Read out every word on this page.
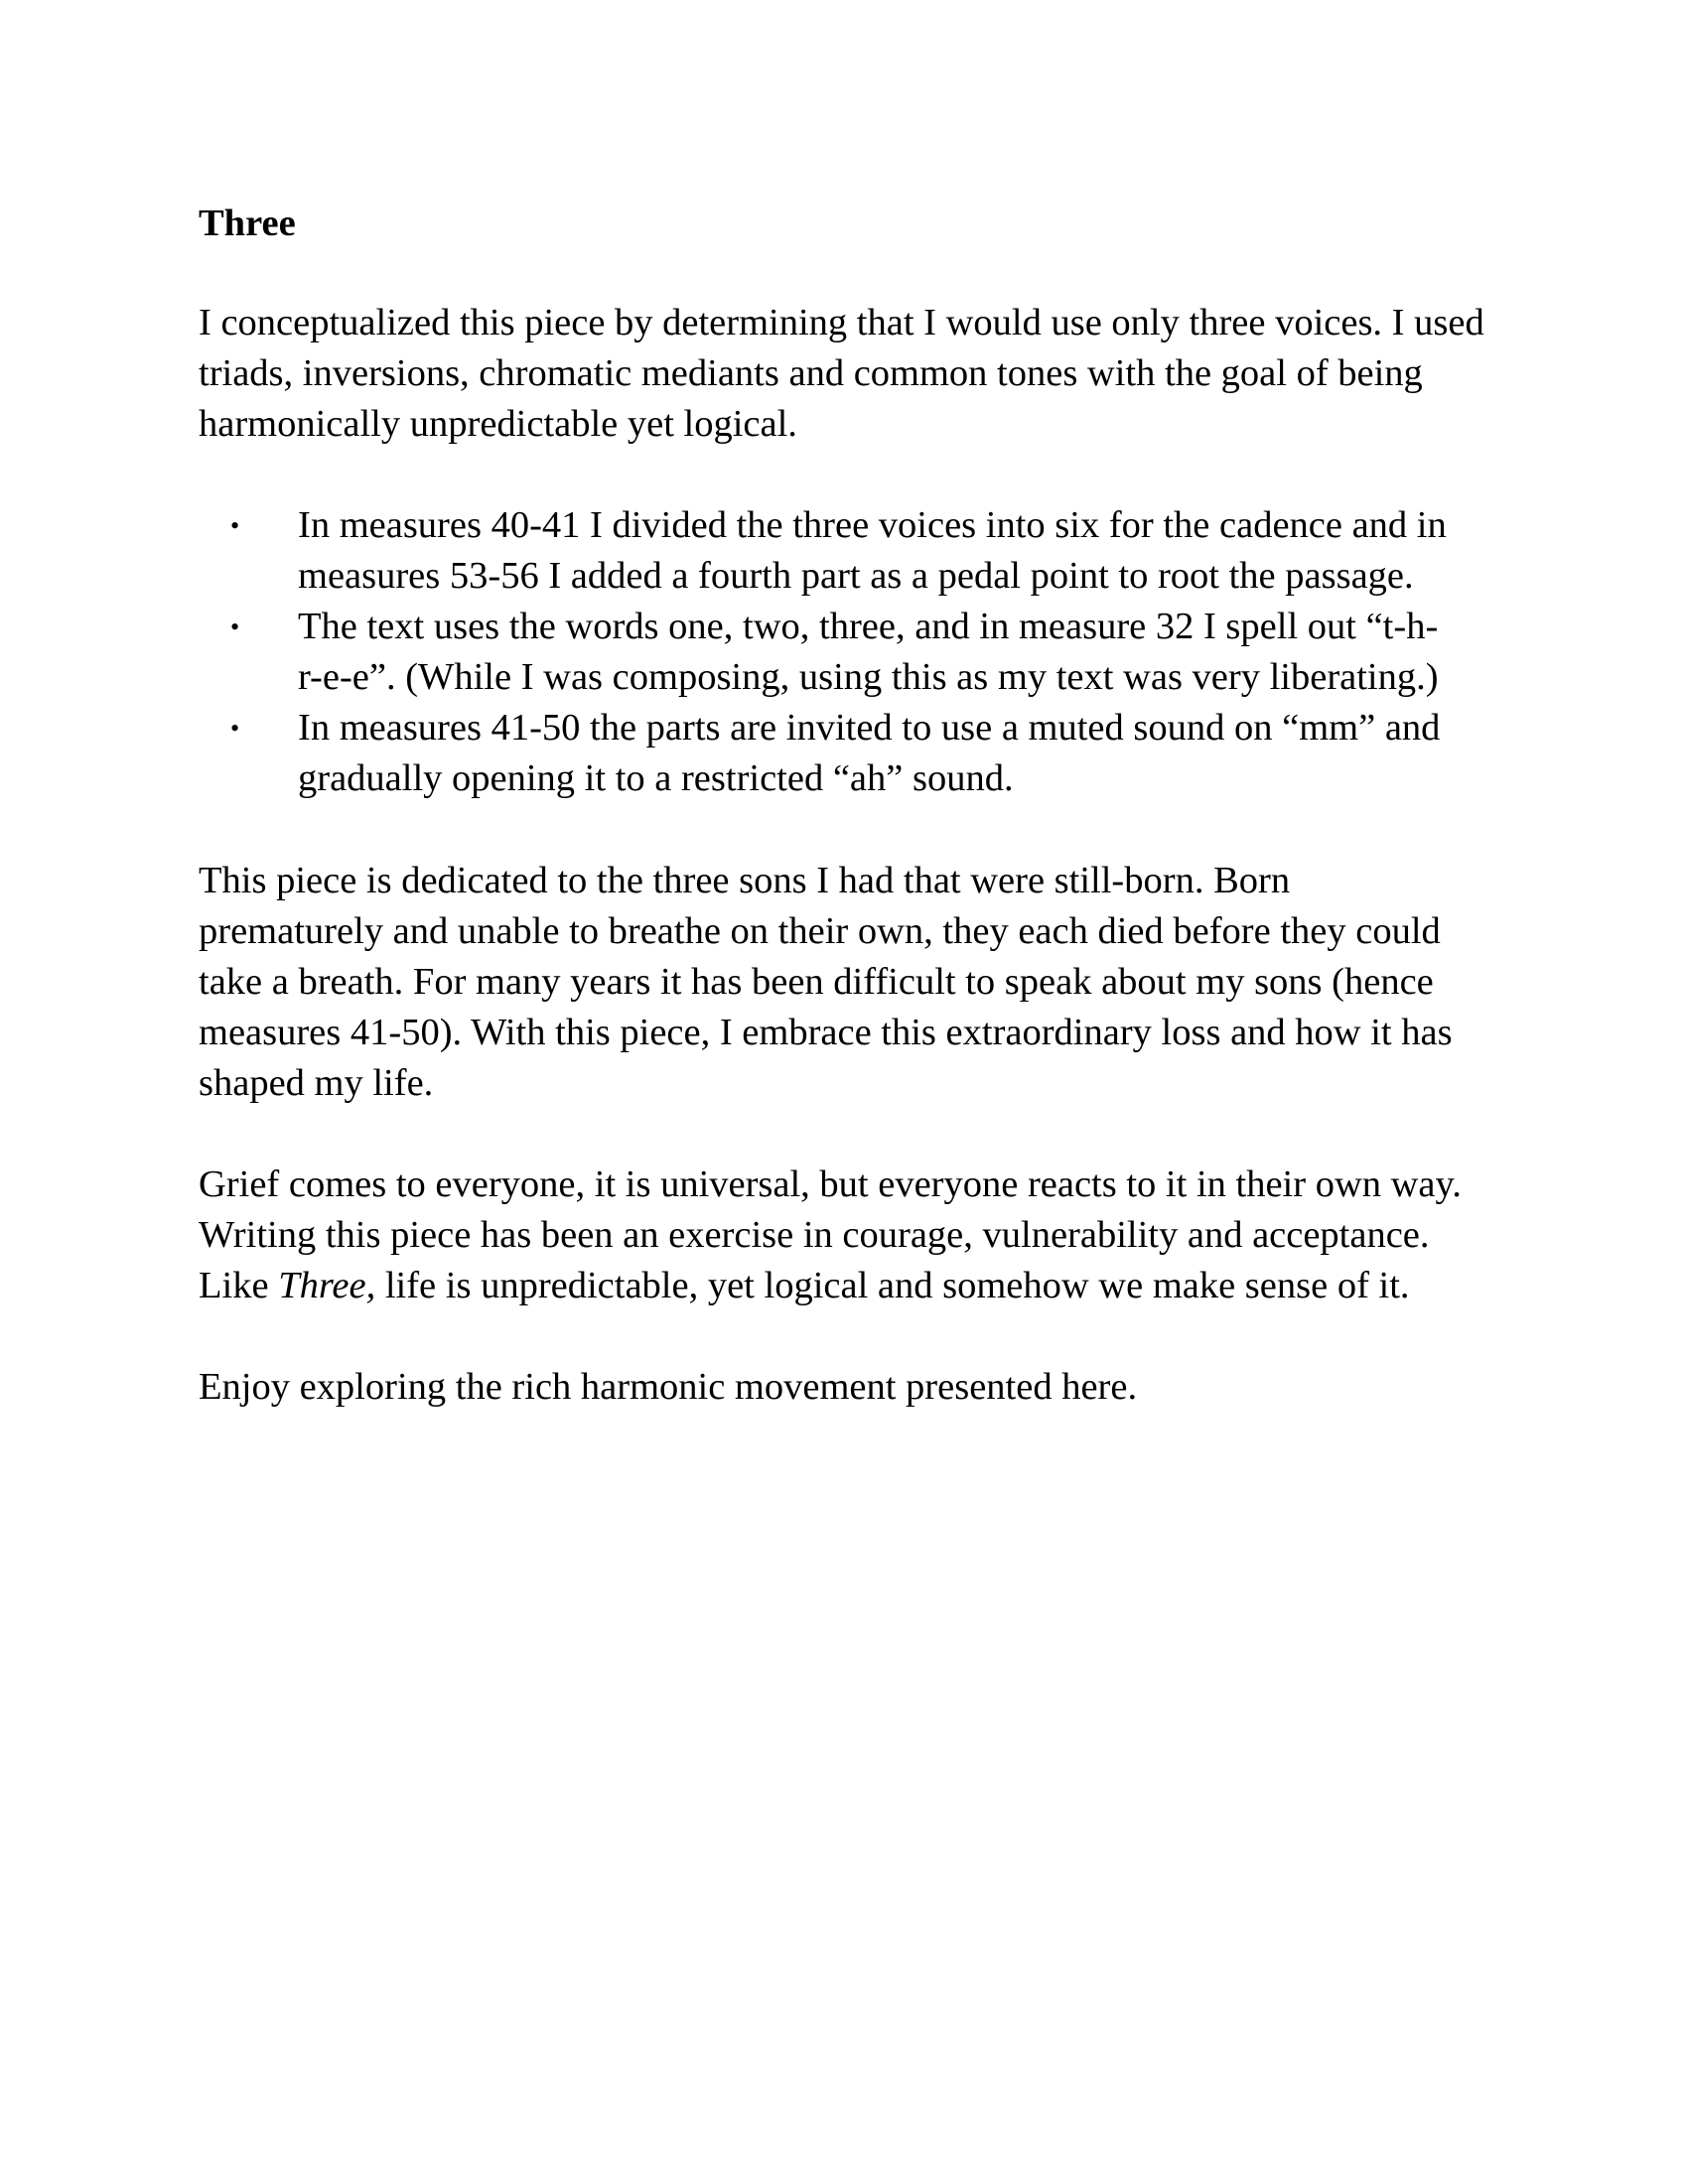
Three

I conceptualized this piece by determining that I would use only three voices. I used triads, inversions, chromatic mediants and common tones with the goal of being harmonically unpredictable yet logical.

• In measures 40-41 I divided the three voices into six for the cadence and in measures 53-56 I added a fourth part as a pedal point to root the passage.
• The text uses the words one, two, three, and in measure 32 I spell out “t-h-r-e-e”. (While I was composing, using this as my text was very liberating.)
• In measures 41-50 the parts are invited to use a muted sound on “mm” and gradually opening it to a restricted “ah” sound.

This piece is dedicated to the three sons I had that were still-born. Born prematurely and unable to breathe on their own, they each died before they could take a breath. For many years it has been difficult to speak about my sons (hence measures 41-50). With this piece, I embrace this extraordinary loss and how it has shaped my life.

Grief comes to everyone, it is universal, but everyone reacts to it in their own way. Writing this piece has been an exercise in courage, vulnerability and acceptance. Like Three, life is unpredictable, yet logical and somehow we make sense of it.

Enjoy exploring the rich harmonic movement presented here.
